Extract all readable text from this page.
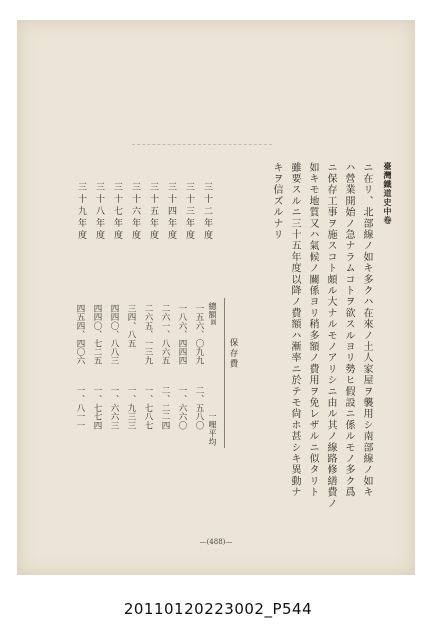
臺灣鐵道史中卷
ニ在リ、北部線ノ如キ多クハ在來ノ土人家屋ヲ襲用シ南部線ノ如キ
ハ營業開始ノ急ナラムコトヲ欲スルヨリ勢ヒ假設ニ係ルモノ多ク爲
ニ保存工事ヲ施スコト頗ル大ナルモノアリシニ由ル其ノ線路修繕費ノ
如キモ地質又ハ氣候ノ關係ヨリ稍多額ノ費用ヲ免レザルニ似タリト
雖要スルニ三十五年度以降ノ費額ハ漸率ニ於テモ尙ホ甚シキ異動ナ
キヲ信ズルナリ
三十二年度
三十三年度
三十四年度
三十五年度
三十六年度
三十七年度
三十八年度
三十九年度
保存費
總額圓
一哩平均
一五六、〇九九
一八六、四四四
二六一、八六五
二六五、一三九
三四、八五
四四〇、八八三
四四〇、七二五
四五四、四〇六
二、五八〇
一、六六〇
二、二二四
一、七八七
一、九三三
一、六六三
一、七七四
一、八一一
—(488)—
20110120223002_P544
